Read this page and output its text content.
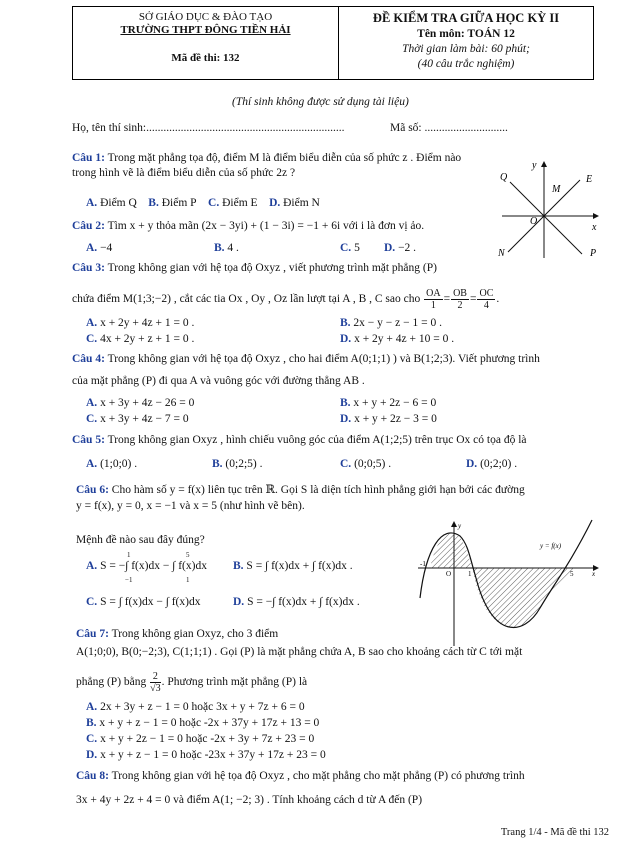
SỞ GIÁO DỤC & ĐÀO TẠO
TRƯỜNG THPT ĐÔNG TIỀN HẢI
Mã đề thi: 132
ĐỀ KIỂM TRA GIỮA HỌC KỲ II
Tên môn: TOÁN 12
Thời gian làm bài: 60 phút;
(40 câu trắc nghiệm)
(Thí sinh không được sử dụng tài liệu)
Họ, tên thí sinh:.....................................................................	Mã số: .............................
Câu 1: Trong mặt phẳng tọa độ, điểm M là điểm biểu diễn của số phức z . Điểm nào
trong hình vẽ là điểm biểu diễn của số phức 2z ?
A. Điểm Q B. Điểm P C. Điểm E D. Điểm N
y
x
Q
M
E
O
N	P
Câu 2: Tìm x + y thỏa mãn (2x − 3yi) + (1 − 3i) = −1 + 6i với i là đơn vị ảo.
A. −4	B. 4 .	C. 5 D. −2 .
Câu 3: Trong không gian với hệ tọa độ Oxyz , viết phương trình mặt phẳng (P)
chứa điểm M(1;3;−2) , cắt các tia Ox , Oy , Oz lần lượt tại A , B , C sao cho $\frac{OA}{1} = \frac{OB}{2} = \frac{OC}{4}$ .
A. x + 2y + 4z + 1 = 0 .	B. 2x − y − z − 1 = 0 .
C. 4x + 2y + z + 1 = 0 .	D. x + 2y + 4z + 10 = 0 .
Câu 4: Trong không gian với hệ tọa độ Oxyz , cho hai điểm A(0;1;1) ) và B(1;2;3). Viết phương trình
của mặt phẳng (P) đi qua A và vuông góc với đường thẳng AB .
A. x + 3y + 4z − 26 = 0	B. x + y + 2z − 6 = 0
C. x + 3y + 4z − 7 = 0	D. x + y + 2z − 3 = 0
Câu 5: Trong không gian Oxyz , hình chiếu vuông góc của điểm A(1;2;5) trên trục Ox có tọa độ là
A. (1;0;0) .	B. (0;2;5) .	C. (0;0;5) .	D. (0;2;0) .
Câu 6: Cho hàm số y = f(x) liên tục trên ℝ. Gọi S là diện tích hình phẳng giới hạn bởi các đường
y = f(x), y = 0, x = −1 và x = 5 (như hình vẽ bên).
Mệnh đề nào sau đây đúng?
A. S = −∫ f(x)dx − ∫ f(x)dx B. S = ∫ f(x)dx + ∫ f(x)dx .
C. S = ∫ f(x)dx − ∫ f(x)dx	D. S = −∫ f(x)dx + ∫ f(x)dx .
1
−1
5
1
y = f(x)
y
x
O
-1
1	5
Câu 7: Trong không gian Oxyz, cho 3 điểm
A(1;0;0), B(0;−2;3), C(1;1;1) . Gọi (P) là mặt phẳng chứa A, B sao cho khoảng cách từ C tới mặt
phẳng (P) bằng $\frac{2}{√3}$ . Phương trình mặt phẳng (P) là
A. 2x + 3y + z − 1 = 0 hoặc 3x + y + 7z + 6 = 0
B. x + y + z − 1 = 0 hoặc -2x + 37y + 17z + 13 = 0
C. x + y + 2z − 1 = 0 hoặc -2x + 3y + 7z + 23 = 0
D. x + y + z − 1 = 0 hoặc -23x + 37y + 17z + 23 = 0
Câu 8: Trong không gian với hệ tọa độ Oxyz , cho mặt phẳng cho mặt phẳng (P) có phương trình
3x + 4y + 2z + 4 = 0 và điểm A(1; −2; 3) . Tính khoảng cách d từ A đến (P)
Trang 1/4 - Mã đề thi 132
